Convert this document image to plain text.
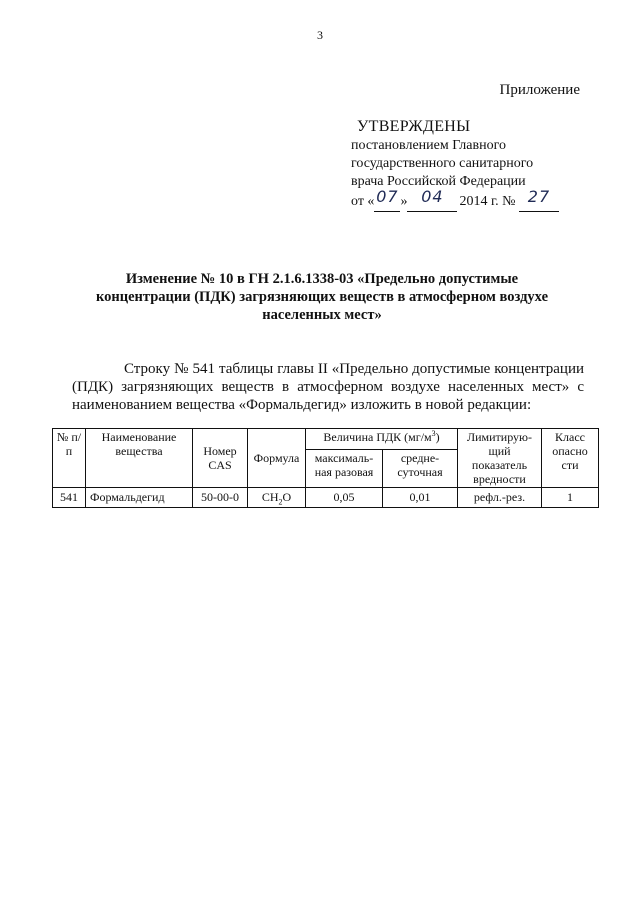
3
Приложение
УТВЕРЖДЕНЫ
постановлением Главного
государственного санитарного
врача Российской Федерации
от « 07 » 04 2014 г. № 27
Изменение № 10 в ГН 2.1.6.1338-03 «Предельно допустимые
концентрации (ПДК) загрязняющих веществ в атмосферном воздухе
населенных мест»
Строку № 541 таблицы главы II «Предельно допустимые концентрации (ПДК) загрязняющих веществ в атмосферном воздухе населенных мест» с наименованием вещества «Формальдегид» изложить в новой редакции:
№ п/п	Наименование вещества	Номер CAS	Формула	Величина ПДК $(мг/м^3)$		Лимитирую-щий показатель вредности	Класс опасно сти
				максималь-ная разовая	средне-суточная		
541	Формальдегид	50-00-0	$CH_2O$	0,05	0,01	рефл.-рез.	1
